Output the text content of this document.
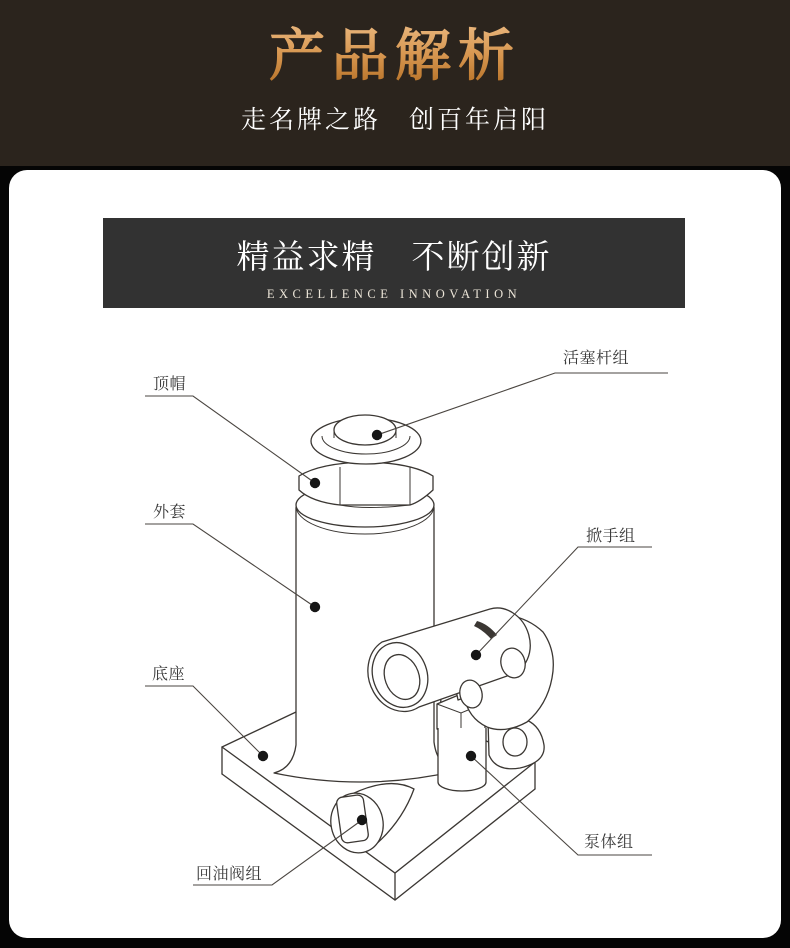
产品解析
走名牌之路　创百年启阳
精益求精　不断创新
EXCELLENCE INNOVATION
活塞杆组
顶帽
外套
底座
回油阀组
泵体组
掀手组
